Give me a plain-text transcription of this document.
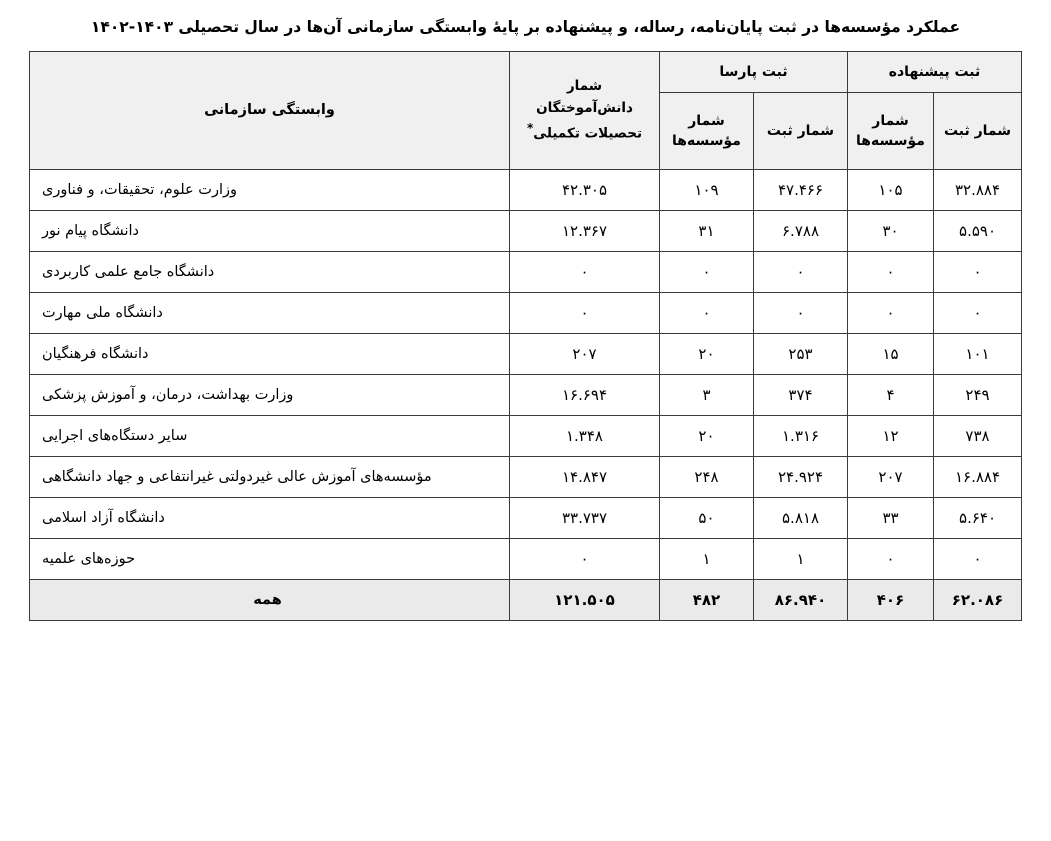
عملکرد مؤسسه‌ها در ثبت پایان‌نامه، رساله، و پیشنهاده بر پایهٔ وابستگی سازمانی آن‌ها در سال تحصیلی ۱۴۰۳-۱۴۰۲
ثبت پیشنهاده		ثبت پارسا		شمار دانش‌آموختگان تحصیلات تکمیلی*	وابستگی سازمانی
شمار ثبت	شمار مؤسسه‌ها	شمار ثبت	شمار مؤسسه‌ها		
۳۲.۸۸۴	۱۰۵	۴۷.۴۶۶	۱۰۹	۴۲.۳۰۵	وزارت علوم، تحقیقات، و فناوری
۵.۵۹۰	۳۰	۶.۷۸۸	۳۱	۱۲.۳۶۷	دانشگاه پیام نور
۰	۰	۰	۰	۰	دانشگاه جامع علمی کاربردی
۰	۰	۰	۰	۰	دانشگاه ملی مهارت
۱۰۱	۱۵	۲۵۳	۲۰	۲۰۷	دانشگاه فرهنگیان
۲۴۹	۴	۳۷۴	۳	۱۶.۶۹۴	وزارت بهداشت، درمان، و آموزش پزشکی
۷۳۸	۱۲	۱.۳۱۶	۲۰	۱.۳۴۸	سایر دستگاه‌های اجرایی
۱۶.۸۸۴	۲۰۷	۲۴.۹۲۴	۲۴۸	۱۴.۸۴۷	مؤسسه‌های آموزش عالی غیردولتی غیرانتفاعی و جهاد دانشگاهی
۵.۶۴۰	۳۳	۵.۸۱۸	۵۰	۳۳.۷۳۷	دانشگاه آزاد اسلامی
۰	۰	۱	۱	۰	حوزه‌های علمیه
۶۲.۰۸۶	۴۰۶	۸۶.۹۴۰	۴۸۲	۱۲۱.۵۰۵	همه
